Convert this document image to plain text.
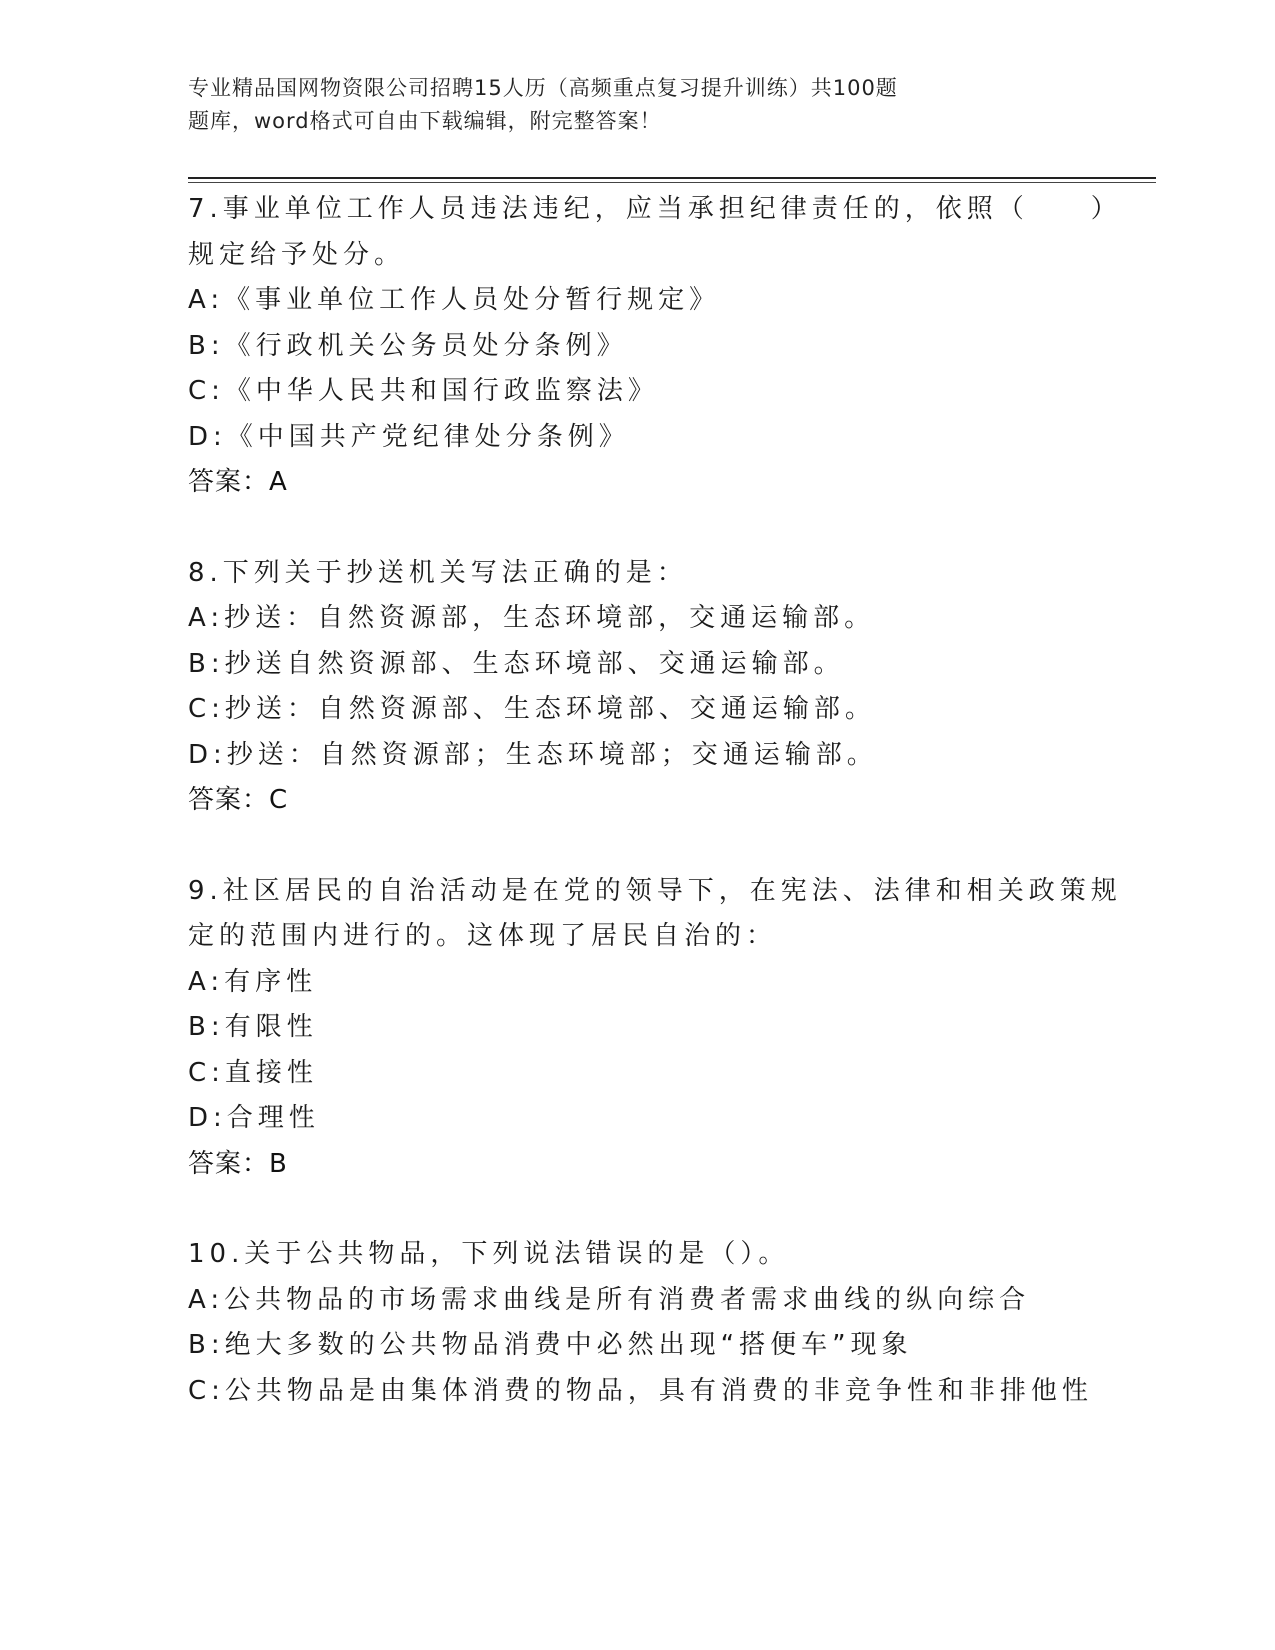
专业精品国网物资限公司招聘15人历（高频重点复习提升训练）共100题
题库，word格式可自由下载编辑，附完整答案！
7.事业单位工作人员违法违纪，应当承担纪律责任的，依照（　　）
规定给予处分。
A:《事业单位工作人员处分暂行规定》
B:《行政机关公务员处分条例》
C:《中华人民共和国行政监察法》
D:《中国共产党纪律处分条例》
答案：A
8.下列关于抄送机关写法正确的是：
A:抄送：自然资源部，生态环境部，交通运输部。
B:抄送自然资源部、生态环境部、交通运输部。
C:抄送：自然资源部、生态环境部、交通运输部。
D:抄送：自然资源部；生态环境部；交通运输部。
答案：C
9.社区居民的自治活动是在党的领导下，在宪法、法律和相关政策规
定的范围内进行的。这体现了居民自治的：
A:有序性
B:有限性
C:直接性
D:合理性
答案：B
10.关于公共物品，下列说法错误的是（）。
A:公共物品的市场需求曲线是所有消费者需求曲线的纵向综合
B:绝大多数的公共物品消费中必然出现“搭便车”现象
C:公共物品是由集体消费的物品，具有消费的非竞争性和非排他性
